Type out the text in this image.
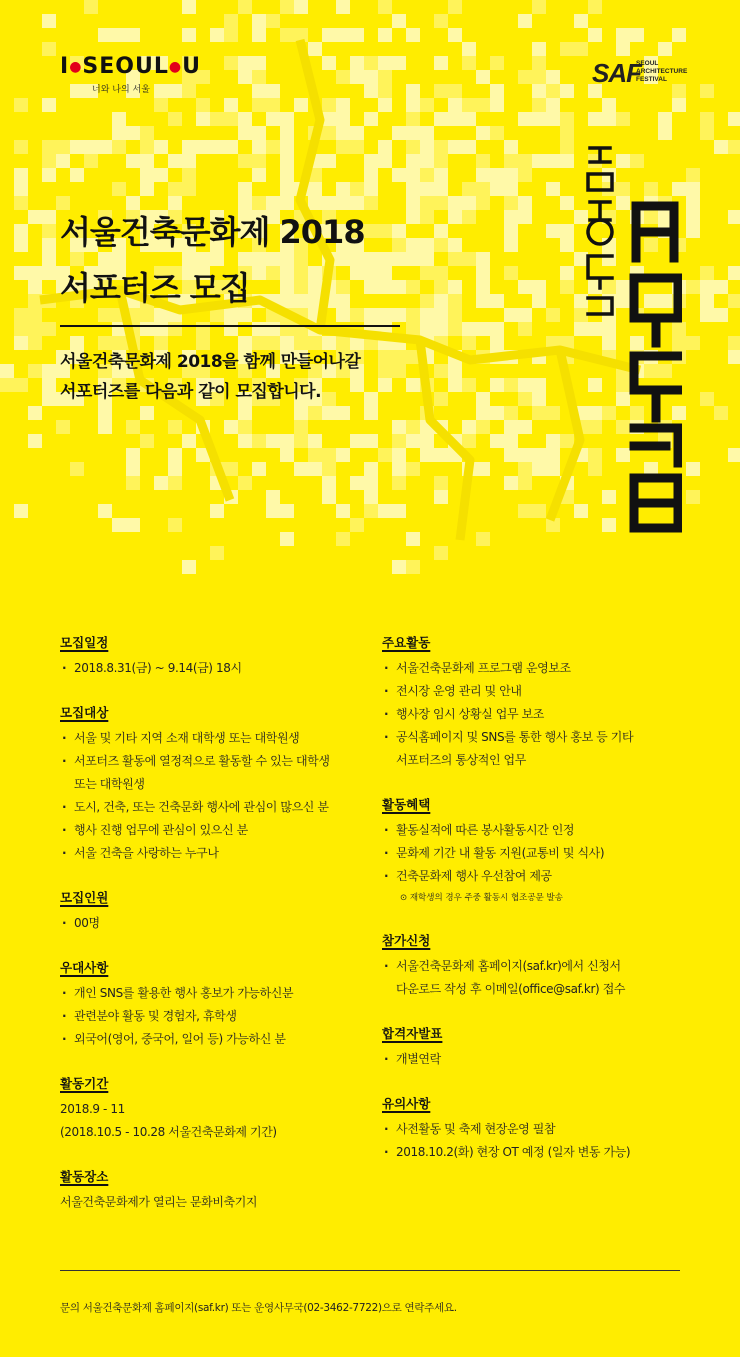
I●SEOUL●U
너와 나의 서울
SAF
SEOUL
ARCHITECTURE
FESTIVAL
서울건축문화제 2018
서포터즈 모집
서울건축문화제 2018을 함께 만들어나갈
서포터즈를 다음과 같이 모집합니다.
모집일정
· 2018.8.31(금) ~ 9.14(금) 18시
모집대상
· 서울 및 기타 지역 소재 대학생 또는 대학원생
· 서포터즈 활동에 열정적으로 활동할 수 있는 대학생
또는 대학원생
· 도시, 건축, 또는 건축문화 행사에 관심이 많으신 분
· 행사 진행 업무에 관심이 있으신 분
· 서울 건축을 사랑하는 누구나
모집인원
· 00명
우대사항
· 개인 SNS를 활용한 행사 홍보가 가능하신분
· 관련분야 활동 및 경험자, 휴학생
· 외국어(영어, 중국어, 일어 등) 가능하신 분
활동기간
2018.9 - 11
(2018.10.5 - 10.28 서울건축문화제 기간)
활동장소
서울건축문화제가 열리는 문화비축기지
주요활동
· 서울건축문화제 프로그램 운영보조
· 전시장 운영 관리 및 안내
· 행사장 임시 상황실 업무 보조
· 공식홈페이지 및 SNS를 통한 행사 홍보 등 기타
서포터즈의 통상적인 업무
활동혜택
· 활동실적에 따른 봉사활동시간 인정
· 문화제 기간 내 활동 지원(교통비 및 식사)
· 건축문화제 행사 우선참여 제공
⊙ 재학생의 경우 주중 활동시 협조공문 발송
참가신청
· 서울건축문화제 홈페이지(saf.kr)에서 신청서
다운로드 작성 후 이메일(office@saf.kr) 접수
합격자발표
· 개별연락
유의사항
· 사전활동 및 축제 현장운영 필참
· 2018.10.2(화) 현장 OT 예정 (일자 변동 가능)
문의 서울건축문화제 홈페이지(saf.kr) 또는 운영사무국(02-3462-7722)으로 연락주세요.
